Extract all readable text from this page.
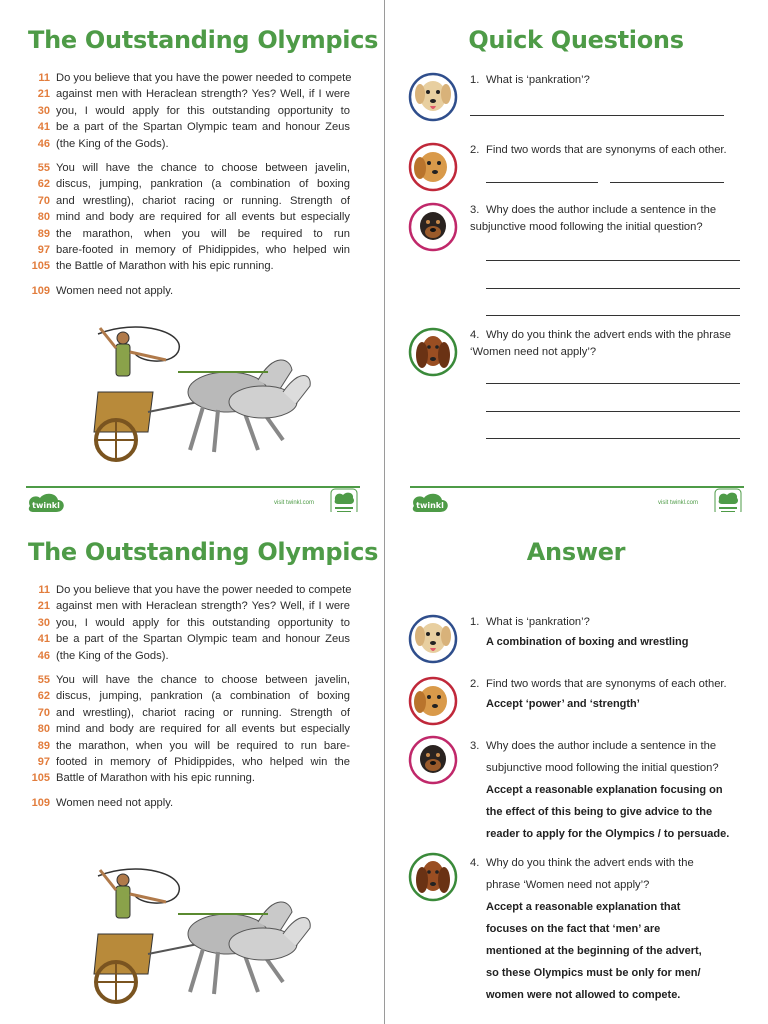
The Outstanding Olympics
11 Do you believe that you have the power needed to compete
21 against men with Heraclean strength? Yes? Well, if I were
30 you, I would apply for this outstanding opportunity to
41 be a part of the Spartan Olympic team and honour Zeus
46 (the King of the Gods).
55 You will have the chance to choose between javelin,
62 discus, jumping, pankration (a combination of boxing
70 and wrestling), chariot racing or running. Strength of
80 mind and body are required for all events but especially
89 the marathon, when you will be required to run
97 bare-footed in memory of Phidippides, who helped win
105 the Battle of Marathon with his epic running.
109 Women need not apply.
twinkl	visit twinkl.com
Quick Questions
1. What is ‘pankration’?
2. Find two words that are synonyms of each other.
3. Why does the author include a sentence in the subjunctive mood following the initial question?
4. Why do you think the advert ends with the phrase ‘Women need not apply’?
twinkl	visit twinkl.com
The Outstanding Olympics
11 Do you believe that you have the power needed to compete
21 against men with Heraclean strength? Yes? Well, if I were
30 you, I would apply for this outstanding opportunity to
41 be a part of the Spartan Olympic team and honour Zeus
46 (the King of the Gods).
55 You will have the chance to choose between javelin,
62 discus, jumping, pankration (a combination of boxing
70 and wrestling), chariot racing or running. Strength of
80 mind and body are required for all events but especially
89 the marathon, when you will be required to run bare-
97 footed in memory of Phidippides, who helped win the
105 Battle of Marathon with his epic running.
109 Women need not apply.
Answer
1. What is ‘pankration’?
A combination of boxing and wrestling
2. Find two words that are synonyms of each other.
Accept ‘power’ and ‘strength’
3. Why does the author include a sentence in the
subjunctive mood following the initial question?
Accept a reasonable explanation focusing on
the effect of this being to give advice to the
reader to apply for the Olympics / to persuade.
4. Why do you think the advert ends with the
phrase ‘Women need not apply’?
Accept a reasonable explanation that
focuses on the fact that ‘men’ are
mentioned at the beginning of the advert,
so these Olympics must be only for men/
women were not allowed to compete.
